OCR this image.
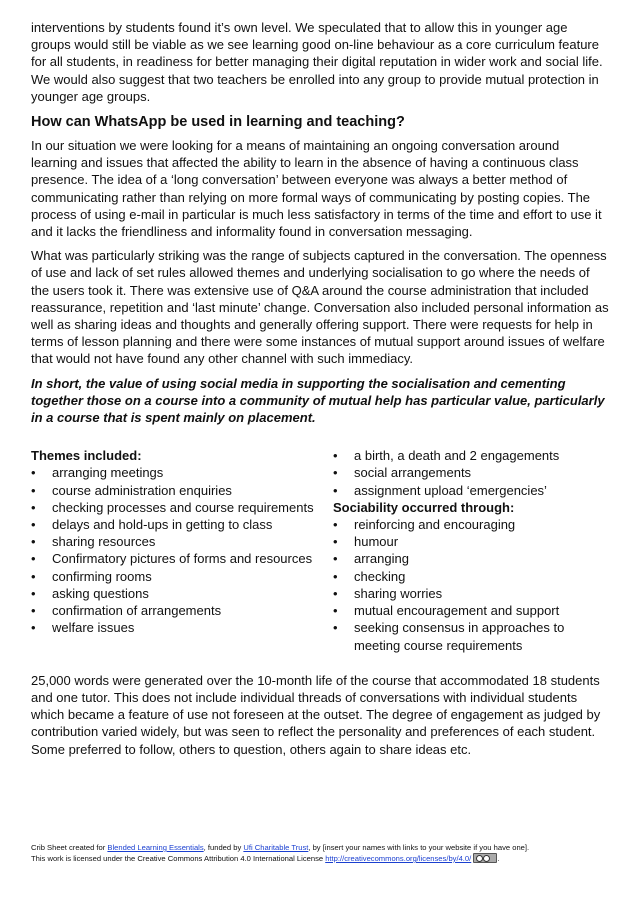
interventions by students found it’s own level. We speculated that to allow this in younger age groups would still be viable as we see learning good on-line behaviour as a core curriculum feature for all students, in readiness for better managing their digital reputation in wider work and social life. We would also suggest that two teachers be enrolled into any group to provide mutual protection in younger age groups.

How can WhatsApp be used in learning and teaching?

In our situation we were looking for a means of maintaining an ongoing conversation around learning and issues that affected the ability to learn in the absence of having a continuous class presence. The idea of a ‘long conversation’ between everyone was always a better method of communicating rather than relying on more formal ways of communicating by posting copies. The process of using e-mail in particular is much less satisfactory in terms of the time and effort to use it and it lacks the friendliness and informality found in conversation messaging.

What was particularly striking was the range of subjects captured in the conversation. The openness of use and lack of set rules allowed themes and underlying socialisation to go where the needs of the users took it. There was extensive use of Q&A around the course administration that included reassurance, repetition and ‘last minute’ change. Conversation also included personal information as well as sharing ideas and thoughts and generally offering support. There were requests for help in terms of lesson planning and there were some instances of mutual support around issues of welfare that would not have found any other channel with such immediacy.

In short, the value of using social media in supporting the socialisation and cementing together those on a course into a community of mutual help has particular value, particularly in a course that is spent mainly on placement.

Themes included:
• arranging meetings
• course administration enquiries
• checking processes and course requirements
• delays and hold-ups in getting to class
• sharing resources
• Confirmatory pictures of forms and resources
• confirming rooms
• asking questions
• confirmation of arrangements
• welfare issues
• a birth, a death and 2 engagements
• social arrangements
• assignment upload ‘emergencies’
Sociability occurred through:
• reinforcing and encouraging
• humour
• arranging
• checking
• sharing worries
• mutual encouragement and support
• seeking consensus in approaches to meeting course requirements

25,000 words were generated over the 10-month life of the course that accommodated 18 students and one tutor. This does not include individual threads of conversations with individual students which became a feature of use not foreseen at the outset. The degree of engagement as judged by contribution varied widely, but was seen to reflect the personality and preferences of each student. Some preferred to follow, others to question, others again to share ideas etc.

Crib Sheet created for Blended Learning Essentials, funded by Ufi Charitable Trust, by [insert your names with links to your website if you have one].
This work is licensed under the Creative Commons Attribution 4.0 International License http://creativecommons.org/licenses/by/4.0/	.
